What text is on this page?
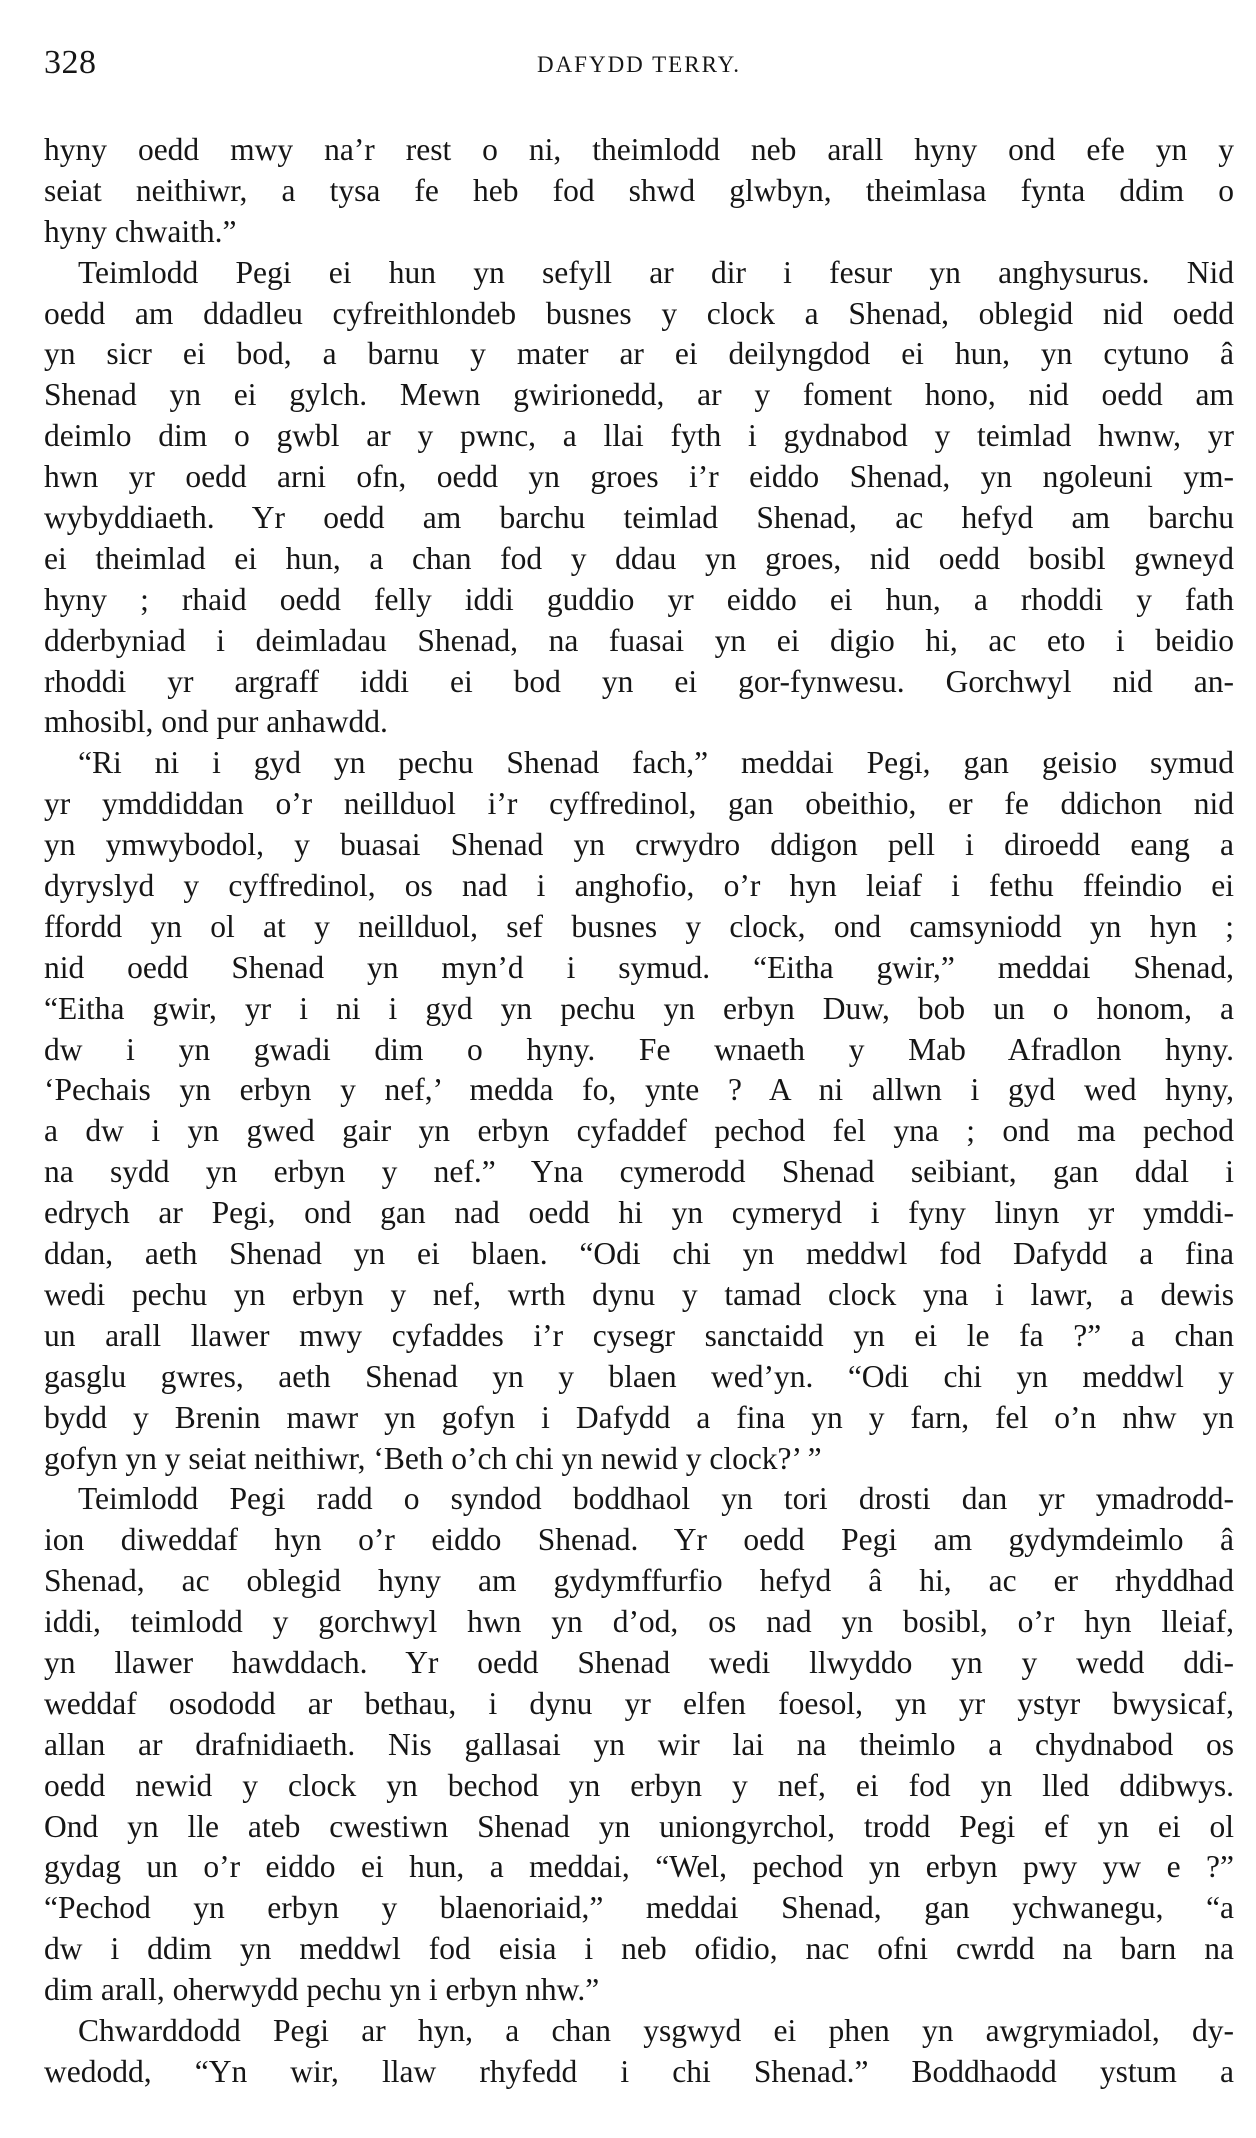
328	DAFYDD TERRY.
hyny oedd mwy na’r rest o ni, theimlodd neb arall hyny ond efe yn y
seiat neithiwr, a tysa fe heb fod shwd glwbyn, theimlasa fynta ddim o
hyny chwaith.”
Teimlodd Pegi ei hun yn sefyll ar dir i fesur yn anghysurus. Nid
oedd am ddadleu cyfreithlondeb busnes y clock a Shenad, oblegid nid oedd
yn sicr ei bod, a barnu y mater ar ei deilyngdod ei hun, yn cytuno â
Shenad yn ei gylch. Mewn gwirionedd, ar y foment hono, nid oedd am
deimlo dim o gwbl ar y pwnc, a llai fyth i gydnabod y teimlad hwnw, yr
hwn yr oedd arni ofn, oedd yn groes i’r eiddo Shenad, yn ngoleuni ym-
wybyddiaeth. Yr oedd am barchu teimlad Shenad, ac hefyd am barchu
ei theimlad ei hun, a chan fod y ddau yn groes, nid oedd bosibl gwneyd
hyny ; rhaid oedd felly iddi guddio yr eiddo ei hun, a rhoddi y fath
dderbyniad i deimladau Shenad, na fuasai yn ei digio hi, ac eto i beidio
rhoddi yr argraff iddi ei bod yn ei gor-fynwesu. Gorchwyl nid an-
mhosibl, ond pur anhawdd.
“Ri ni i gyd yn pechu Shenad fach,” meddai Pegi, gan geisio symud
yr ymddiddan o’r neillduol i’r cyffredinol, gan obeithio, er fe ddichon nid
yn ymwybodol, y buasai Shenad yn crwydro ddigon pell i diroedd eang a
dyryslyd y cyffredinol, os nad i anghofio, o’r hyn leiaf i fethu ffeindio ei
ffordd yn ol at y neillduol, sef busnes y clock, ond camsyniodd yn hyn ;
nid oedd Shenad yn myn’d i symud. “Eitha gwir,” meddai Shenad,
“Eitha gwir, yr i ni i gyd yn pechu yn erbyn Duw, bob un o honom, a
dw i yn gwadi dim o hyny. Fe wnaeth y Mab Afradlon hyny.
‘Pechais yn erbyn y nef,’ medda fo, ynte ? A ni allwn i gyd wed hyny,
a dw i yn gwed gair yn erbyn cyfaddef pechod fel yna ; ond ma pechod
na sydd yn erbyn y nef.” Yna cymerodd Shenad seibiant, gan ddal i
edrych ar Pegi, ond gan nad oedd hi yn cymeryd i fyny linyn yr ymddi-
ddan, aeth Shenad yn ei blaen. “Odi chi yn meddwl fod Dafydd a fina
wedi pechu yn erbyn y nef, wrth dynu y tamad clock yna i lawr, a dewis
un arall llawer mwy cyfaddes i’r cysegr sanctaidd yn ei le fa ?” a chan
gasglu gwres, aeth Shenad yn y blaen wed’yn. “Odi chi yn meddwl y
bydd y Brenin mawr yn gofyn i Dafydd a fina yn y farn, fel o’n nhw yn
gofyn yn y seiat neithiwr, ‘Beth o’ch chi yn newid y clock?’ ”
Teimlodd Pegi radd o syndod boddhaol yn tori drosti dan yr ymadrodd-
ion diweddaf hyn o’r eiddo Shenad. Yr oedd Pegi am gydymdeimlo â
Shenad, ac oblegid hyny am gydymffurfio hefyd â hi, ac er rhyddhad
iddi, teimlodd y gorchwyl hwn yn d’od, os nad yn bosibl, o’r hyn lleiaf,
yn llawer hawddach. Yr oedd Shenad wedi llwyddo yn y wedd ddi-
weddaf osododd ar bethau, i dynu yr elfen foesol, yn yr ystyr bwysicaf,
allan ar drafnidiaeth. Nis gallasai yn wir lai na theimlo a chydnabod os
oedd newid y clock yn bechod yn erbyn y nef, ei fod yn lled ddibwys.
Ond yn lle ateb cwestiwn Shenad yn uniongyrchol, trodd Pegi ef yn ei ol
gydag un o’r eiddo ei hun, a meddai, “Wel, pechod yn erbyn pwy yw e ?”
“Pechod yn erbyn y blaenoriaid,” meddai Shenad, gan ychwanegu, “a
dw i ddim yn meddwl fod eisia i neb ofidio, nac ofni cwrdd na barn na
dim arall, oherwydd pechu yn i erbyn nhw.”
Chwarddodd Pegi ar hyn, a chan ysgwyd ei phen yn awgrymiadol, dy-
wedodd, “Yn wir, llaw rhyfedd i chi Shenad.” Boddhaodd ystum a
